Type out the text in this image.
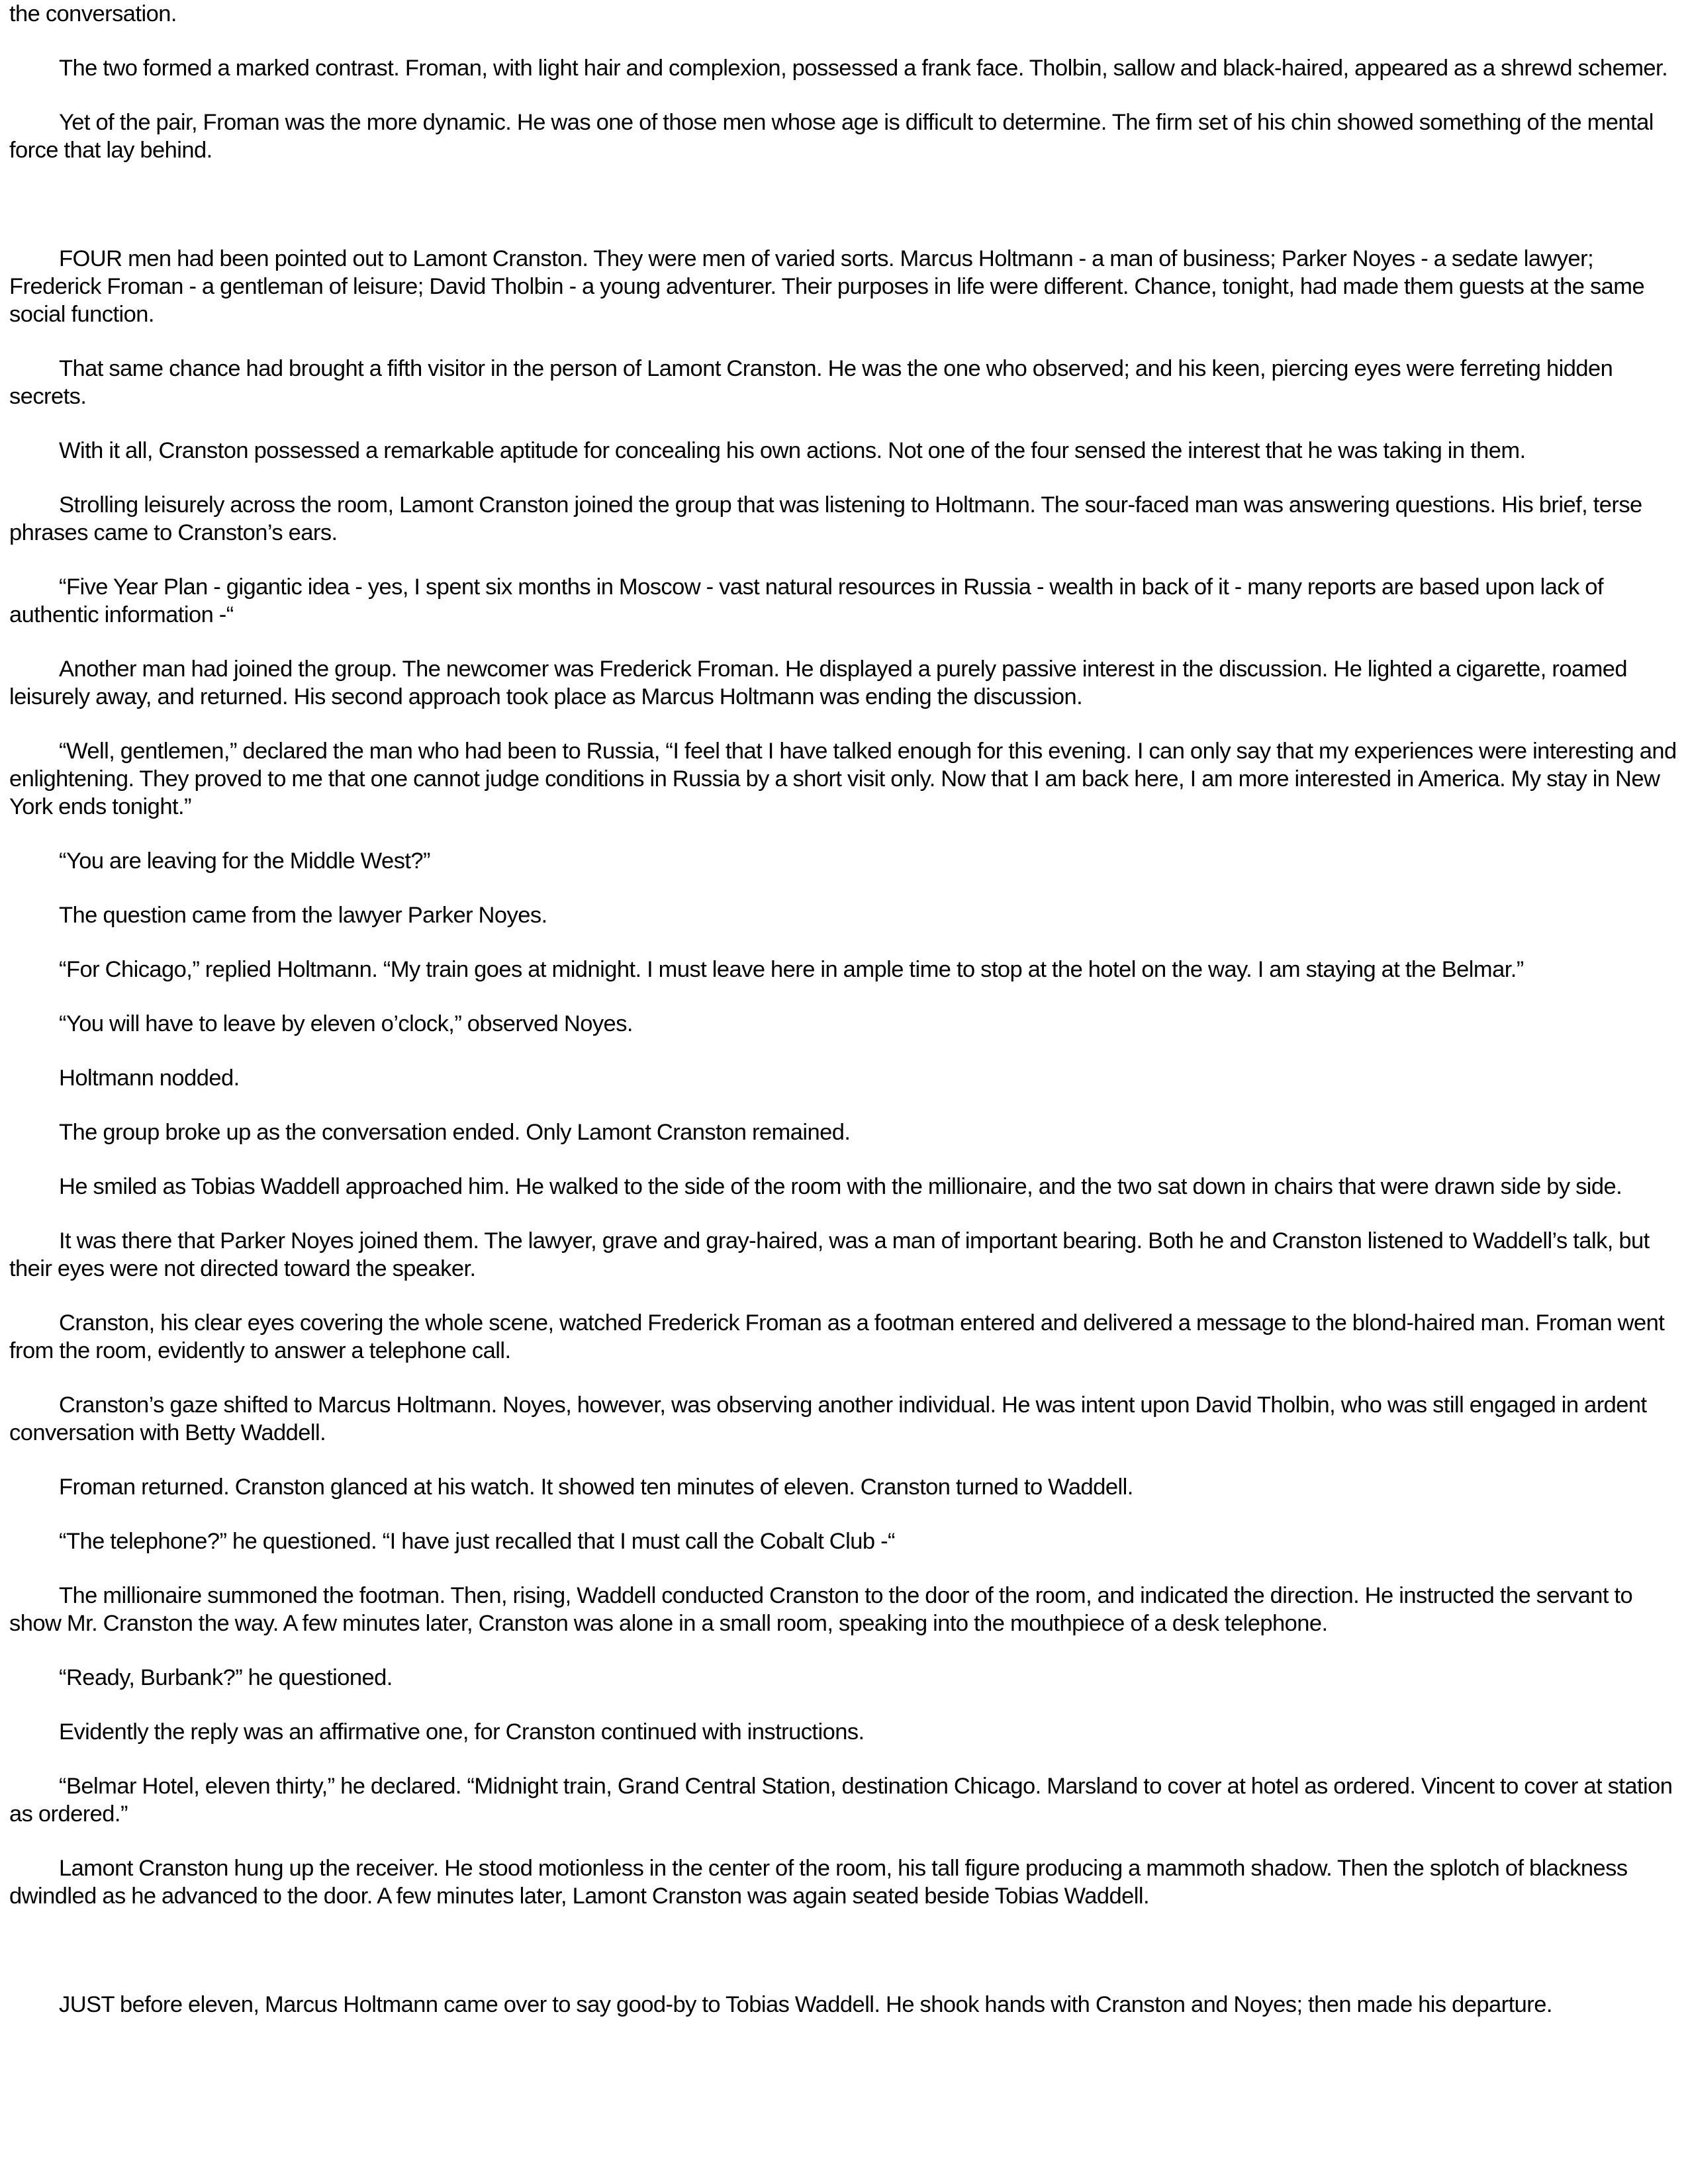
the conversation.

The two formed a marked contrast. Froman, with light hair and complexion, possessed a frank face. Tholbin, sallow and black-haired, appeared as a shrewd schemer.

Yet of the pair, Froman was the more dynamic. He was one of those men whose age is difficult to determine. The firm set of his chin showed something of the mental force that lay behind.

FOUR men had been pointed out to Lamont Cranston. They were men of varied sorts. Marcus Holtmann - a man of business; Parker Noyes - a sedate lawyer; Frederick Froman - a gentleman of leisure; David Tholbin - a young adventurer. Their purposes in life were different. Chance, tonight, had made them guests at the same social function.

That same chance had brought a fifth visitor in the person of Lamont Cranston. He was the one who observed; and his keen, piercing eyes were ferreting hidden secrets.

With it all, Cranston possessed a remarkable aptitude for concealing his own actions. Not one of the four sensed the interest that he was taking in them.

Strolling leisurely across the room, Lamont Cranston joined the group that was listening to Holtmann. The sour-faced man was answering questions. His brief, terse phrases came to Cranston’s ears.

“Five Year Plan - gigantic idea - yes, I spent six months in Moscow - vast natural resources in Russia - wealth in back of it - many reports are based upon lack of authentic information -“

Another man had joined the group. The newcomer was Frederick Froman. He displayed a purely passive interest in the discussion. He lighted a cigarette, roamed leisurely away, and returned. His second approach took place as Marcus Holtmann was ending the discussion.

“Well, gentlemen,” declared the man who had been to Russia, “I feel that I have talked enough for this evening. I can only say that my experiences were interesting and enlightening. They proved to me that one cannot judge conditions in Russia by a short visit only. Now that I am back here, I am more interested in America. My stay in New York ends tonight.”

“You are leaving for the Middle West?”

The question came from the lawyer Parker Noyes.

“For Chicago,” replied Holtmann. “My train goes at midnight. I must leave here in ample time to stop at the hotel on the way. I am staying at the Belmar.”

“You will have to leave by eleven o’clock,” observed Noyes.

Holtmann nodded.

The group broke up as the conversation ended. Only Lamont Cranston remained.

He smiled as Tobias Waddell approached him. He walked to the side of the room with the millionaire, and the two sat down in chairs that were drawn side by side.

It was there that Parker Noyes joined them. The lawyer, grave and gray-haired, was a man of important bearing. Both he and Cranston listened to Waddell’s talk, but their eyes were not directed toward the speaker.

Cranston, his clear eyes covering the whole scene, watched Frederick Froman as a footman entered and delivered a message to the blond-haired man. Froman went from the room, evidently to answer a telephone call.

Cranston’s gaze shifted to Marcus Holtmann. Noyes, however, was observing another individual. He was intent upon David Tholbin, who was still engaged in ardent conversation with Betty Waddell.

Froman returned. Cranston glanced at his watch. It showed ten minutes of eleven. Cranston turned to Waddell.

“The telephone?” he questioned. “I have just recalled that I must call the Cobalt Club -“

The millionaire summoned the footman. Then, rising, Waddell conducted Cranston to the door of the room, and indicated the direction. He instructed the servant to show Mr. Cranston the way. A few minutes later, Cranston was alone in a small room, speaking into the mouthpiece of a desk telephone.

“Ready, Burbank?” he questioned.

Evidently the reply was an affirmative one, for Cranston continued with instructions.

“Belmar Hotel, eleven thirty,” he declared. “Midnight train, Grand Central Station, destination Chicago. Marsland to cover at hotel as ordered. Vincent to cover at station as ordered.”

Lamont Cranston hung up the receiver. He stood motionless in the center of the room, his tall figure producing a mammoth shadow. Then the splotch of blackness dwindled as he advanced to the door. A few minutes later, Lamont Cranston was again seated beside Tobias Waddell.

JUST before eleven, Marcus Holtmann came over to say good-by to Tobias Waddell. He shook hands with Cranston and Noyes; then made his departure.
